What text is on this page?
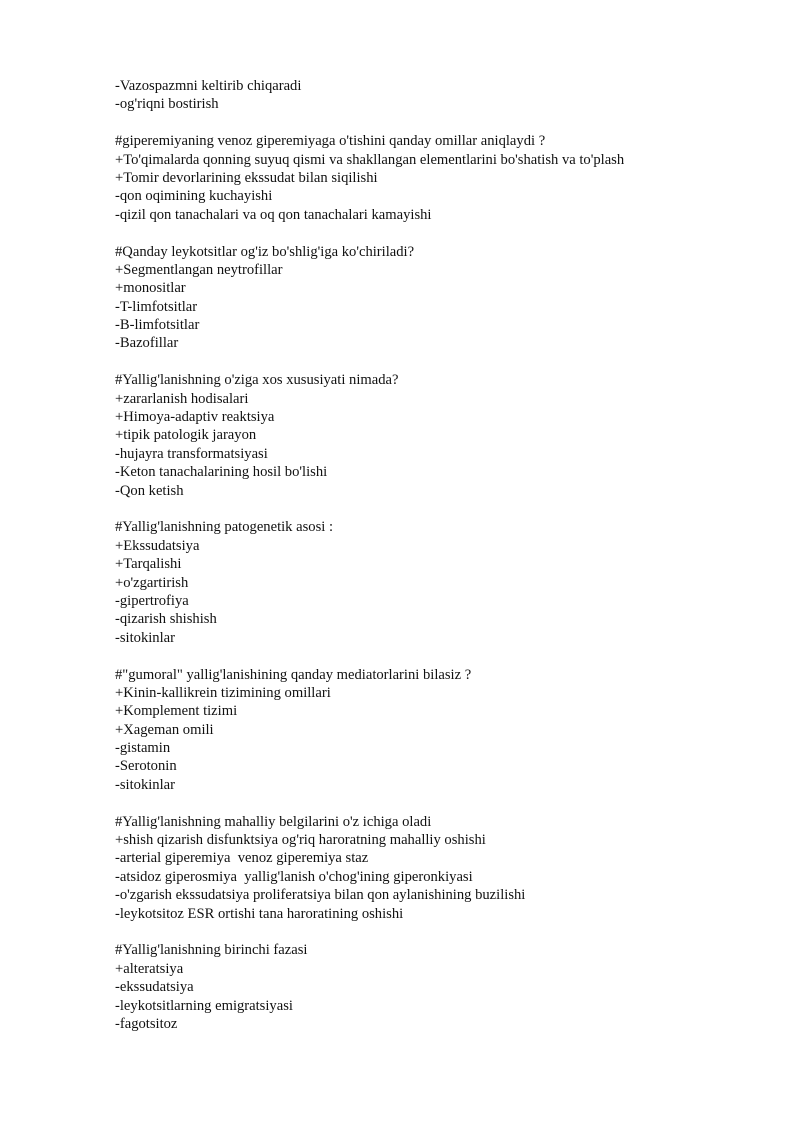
-Vazospazmni keltirib chiqaradi
-og'riqni bostirish
#giperemiyaning venoz giperemiyaga o'tishini qanday omillar aniqlaydi ?
+To'qimalarda qonning suyuq qismi va shakllangan elementlarini bo'shatish va to'plash
+Tomir devorlarining ekssudat bilan siqilishi
-qon oqimining kuchayishi
-qizil qon tanachalari va oq qon tanachalari kamayishi
#Qanday leykotsitlar og'iz bo'shlig'iga ko'chiriladi?
+Segmentlangan neytrofillar
+monositlar
-T-limfotsitlar
-B-limfotsitlar
-Bazofillar
#Yallig'lanishning o'ziga xos xususiyati nimada?
+zararlanish hodisalari
+Himoya-adaptiv reaktsiya
+tipik patologik jarayon
-hujayra transformatsiyasi
-Keton tanachalarining hosil bo'lishi
-Qon ketish
#Yallig'lanishning patogenetik asosi :
+Ekssudatsiya
+Tarqalishi
+o'zgartirish
-gipertrofiya
-qizarish shishish
-sitokinlar
#"gumoral" yallig'lanishining qanday mediatorlarini bilasiz ?
+Kinin-kallikrein tizimining omillari
+Komplement tizimi
+Xageman omili
-gistamin
-Serotonin
-sitokinlar
#Yallig'lanishning mahalliy belgilarini o'z ichiga oladi
+shish qizarish disfunktsiya og'riq haroratning mahalliy oshishi
-arterial giperemiya  venoz giperemiya staz
-atsidoz giperosmiya  yallig'lanish o'chog'ining giperonkiyasi
-o'zgarish ekssudatsiya proliferatsiya bilan qon aylanishining buzilishi
-leykotsitoz ESR ortishi tana haroratining oshishi
#Yallig'lanishning birinchi fazasi
+alteratsiya
-ekssudatsiya
-leykotsitlarning emigratsiyasi
-fagotsitoz
